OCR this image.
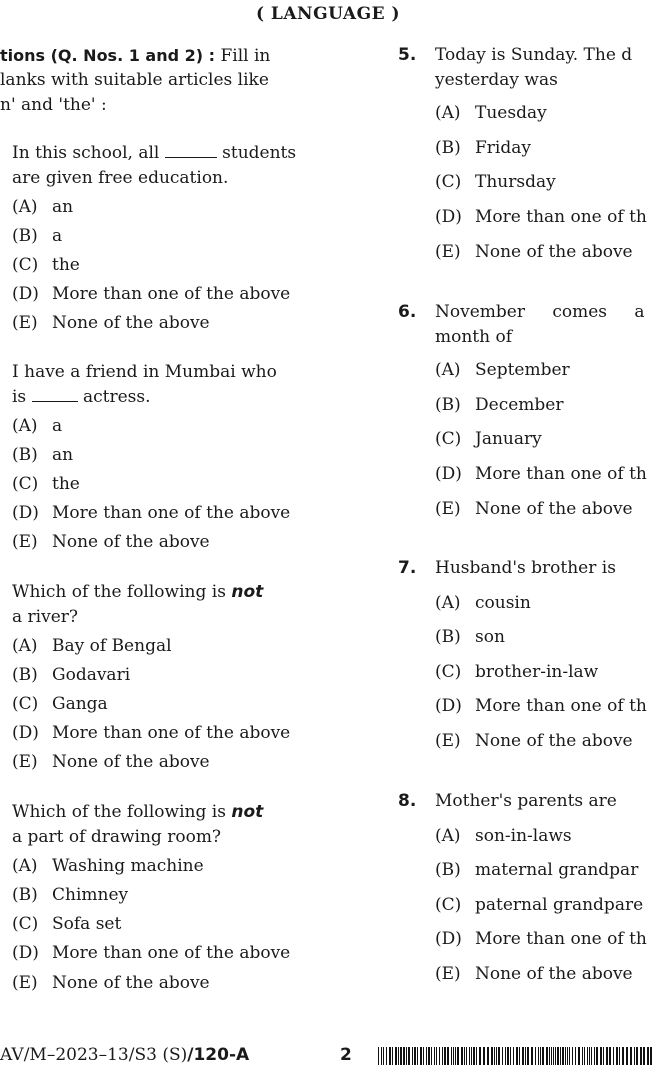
( LANGUAGE )
tions (Q. Nos. 1 and 2) : Fill in
lanks with suitable articles like
n' and 'the' :
In this school, all	students
are given free education.
(A) an
(B) a
(C) the
(D) More than one of the above
(E) None of the above
I have a friend in Mumbai who
is	actress.
(A) a
(B) an
(C) the
(D) More than one of the above
(E) None of the above
Which of the following is not
a river?
(A) Bay of Bengal
(B) Godavari
(C) Ganga
(D) More than one of the above
(E) None of the above
Which of the following is not
a part of drawing room?
(A) Washing machine
(B) Chimney
(C) Sofa set
(D) More than one of the above
(E) None of the above
5. Today is Sunday. The d
yesterday was
(A) Tuesday
(B) Friday
(C) Thursday
(D) More than one of th
(E) None of the above
6. November comes a
month of
(A) September
(B) December
(C) January
(D) More than one of th
(E) None of the above
7. Husband's brother is
(A) cousin
(B) son
(C) brother-in-law
(D) More than one of th
(E) None of the above
8. Mother's parents are
(A) son-in-laws
(B) maternal grandpar
(C) paternal grandpare
(D) More than one of th
(E) None of the above
AV/M–2023–13/S3 (S)/120-A	2
